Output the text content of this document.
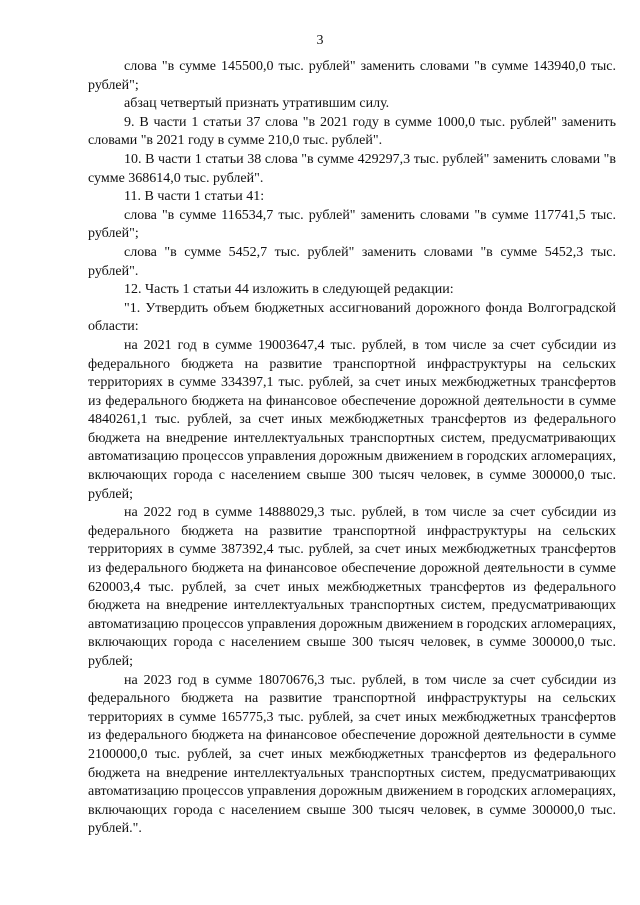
3

слова "в сумме 145500,0 тыс. рублей" заменить словами "в сумме 143940,0 тыс. рублей";

абзац четвертый признать утратившим силу.

9. В части 1 статьи 37 слова "в 2021 году в сумме 1000,0 тыс. рублей" заменить словами "в 2021 году в сумме 210,0 тыс. рублей".

10. В части 1 статьи 38 слова "в сумме 429297,3 тыс. рублей" заменить словами "в сумме 368614,0 тыс. рублей".

11. В части 1 статьи 41:

слова "в сумме 116534,7 тыс. рублей" заменить словами "в сумме 117741,5 тыс. рублей";

слова "в сумме 5452,7 тыс. рублей" заменить словами "в сумме 5452,3 тыс. рублей".

12. Часть 1 статьи 44 изложить в следующей редакции:

"1. Утвердить объем бюджетных ассигнований дорожного фонда Волгоградской области:

на 2021 год в сумме 19003647,4 тыс. рублей, в том числе за счет субсидии из федерального бюджета на развитие транспортной инфраструктуры на сельских территориях в сумме 334397,1 тыс. рублей, за счет иных межбюджетных трансфертов из федерального бюджета на финансовое обеспечение дорожной деятельности в сумме 4840261,1 тыс. рублей, за счет иных межбюджетных трансфертов из федерального бюджета на внедрение интеллектуальных транспортных систем, предусматривающих автоматизацию процессов управления дорожным движением в городских агломерациях, включающих города с населением свыше 300 тысяч человек, в сумме 300000,0 тыс. рублей;

на 2022 год в сумме 14888029,3 тыс. рублей, в том числе за счет субсидии из федерального бюджета на развитие транспортной инфраструктуры на сельских территориях в сумме 387392,4 тыс. рублей, за счет иных межбюджетных трансфертов из федерального бюджета на финансовое обеспечение дорожной деятельности в сумме 620003,4 тыс. рублей, за счет иных межбюджетных трансфертов из федерального бюджета на внедрение интеллектуальных транспортных систем, предусматривающих автоматизацию процессов управления дорожным движением в городских агломерациях, включающих города с населением свыше 300 тысяч человек, в сумме 300000,0 тыс. рублей;

на 2023 год в сумме 18070676,3 тыс. рублей, в том числе за счет субсидии из федерального бюджета на развитие транспортной инфраструктуры на сельских территориях в сумме 165775,3 тыс. рублей, за счет иных межбюджетных трансфертов из федерального бюджета на финансовое обеспечение дорожной деятельности в сумме 2100000,0 тыс. рублей, за счет иных межбюджетных трансфертов из федерального бюджета на внедрение интеллектуальных транспортных систем, предусматривающих автоматизацию процессов управления дорожным движением в городских агломерациях, включающих города с населением свыше 300 тысяч человек, в сумме 300000,0 тыс. рублей.".
